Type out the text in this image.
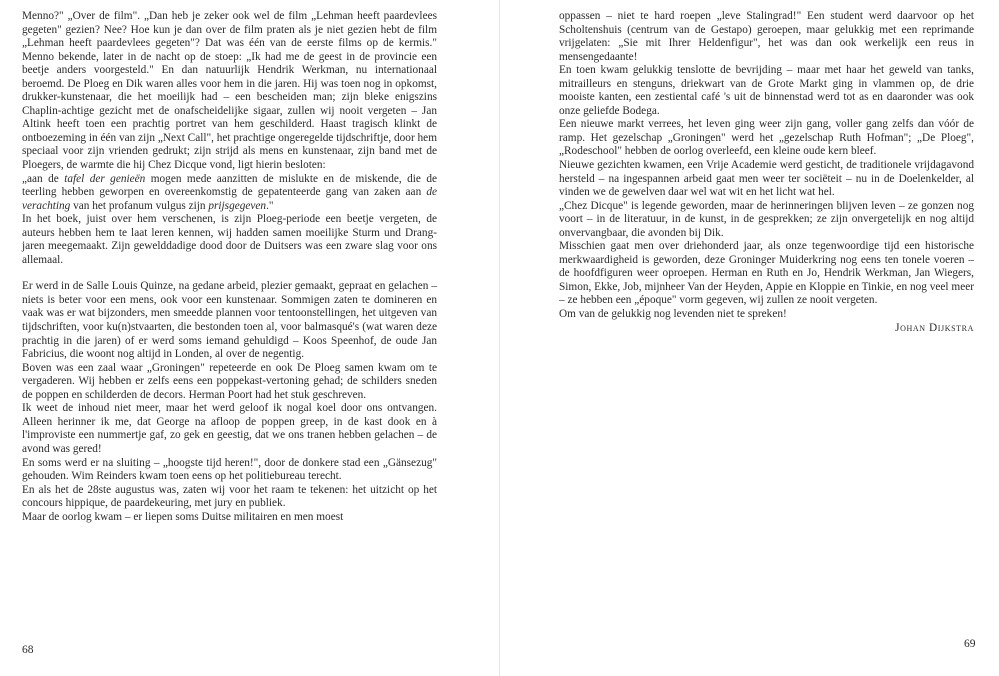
Menno?" „Over de film". „Dan heb je zeker ook wel de film „Lehman heeft paardevlees gegeten" gezien? Nee? Hoe kun je dan over de film praten als je niet gezien hebt de film „Lehman heeft paardevlees gegeten"? Dat was één van de eerste films op de kermis." Menno bekende, later in de nacht op de stoep: „Ik had me de geest in de provincie een beetje anders voorgesteld." En dan natuurlijk Hendrik Werkman, nu internationaal beroemd. De Ploeg en Dik waren alles voor hem in die jaren. Hij was toen nog in opkomst, drukker-kunstenaar, die het moeilijk had – een bescheiden man; zijn bleke enigszins Chaplin-achtige gezicht met de onafscheidelijke sigaar, zullen wij nooit vergeten – Jan Altink heeft toen een prachtig portret van hem geschilderd. Haast tragisch klinkt de ontboezeming in één van zijn „Next Call", het prachtige ongeregelde tijdschriftje, door hem speciaal voor zijn vrienden gedrukt; zijn strijd als mens en kunstenaar, zijn band met de Ploegers, de warmte die hij Chez Dicque vond, ligt hierin besloten:

„aan de tafel der genieën mogen mede aanzitten de mislukte en de miskende, die de teerling hebben geworpen en overeenkomstig de gepatenteerde gang van zaken aan de verachting van het profanum vulgus zijn prijsgegeven."

In het boek, juist over hem verschenen, is zijn Ploeg-periode een beetje vergeten, de auteurs hebben hem te laat leren kennen, wij hadden samen moeilijke Sturm und Drang-jaren meegemaakt. Zijn gewelddadige dood door de Duitsers was een zware slag voor ons allemaal.

Er werd in de Salle Louis Quinze, na gedane arbeid, plezier gemaakt, gepraat en gelachen – niets is beter voor een mens, ook voor een kunstenaar. Sommigen zaten te domineren en vaak was er wat bijzonders, men smeedde plannen voor tentoonstellingen, het uitgeven van tijdschriften, voor ku(n)stvaarten, die bestonden toen al, voor balmasqué's (wat waren deze prachtig in die jaren) of er werd soms iemand gehuldigd – Koos Speenhof, de oude Jan Fabricius, die woont nog altijd in Londen, al over de negentig.

Boven was een zaal waar „Groningen" repeteerde en ook De Ploeg samen kwam om te vergaderen. Wij hebben er zelfs eens een poppekast-vertoning gehad; de schilders sneden de poppen en schilderden de decors. Herman Poort had het stuk geschreven.

Ik weet de inhoud niet meer, maar het werd geloof ik nogal koel door ons ontvangen. Alleen herinner ik me, dat George na afloop de poppen greep, in de kast dook en à l'improviste een nummertje gaf, zo gek en geestig, dat we ons tranen hebben gelachen – de avond was gered!

En soms werd er na sluiting – „hoogste tijd heren!", door de donkere stad een „Gänsezug" gehouden. Wim Reinders kwam toen eens op het politiebureau terecht.

En als het de 28ste augustus was, zaten wij voor het raam te tekenen: het uitzicht op het concours hippique, de paardekeuring, met jury en publiek.

Maar de oorlog kwam – er liepen soms Duitse militairen en men moest

68

oppassen – niet te hard roepen „leve Stalingrad!" Een student werd daarvoor op het Scholtenshuis (centrum van de Gestapo) geroepen, maar gelukkig met een reprimande vrijgelaten: „Sie mit Ihrer Heldenfigur", het was dan ook werkelijk een reus in mensengedaante!

En toen kwam gelukkig tenslotte de bevrijding – maar met haar het geweld van tanks, mitrailleurs en stenguns, driekwart van de Grote Markt ging in vlammen op, de drie mooiste kanten, een zestiental café 's uit de binnenstad werd tot as en daaronder was ook onze geliefde Bodega.

Een nieuwe markt verrees, het leven ging weer zijn gang, voller gang zelfs dan vóór de ramp. Het gezelschap „Groningen" werd het „gezelschap Ruth Hofman"; „De Ploeg", „Rodeschool" hebben de oorlog overleefd, een kleine oude kern bleef.

Nieuwe gezichten kwamen, een Vrije Academie werd gesticht, de traditionele vrijdagavond hersteld – na ingespannen arbeid gaat men weer ter sociëteit – nu in de Doelenkelder, al vinden we de gewelven daar wel wat wit en het licht wat hel.

„Chez Dicque" is legende geworden, maar de herinneringen blijven leven – ze gonzen nog voort – in de literatuur, in de kunst, in de gesprekken; ze zijn onvergetelijk en nog altijd onvervangbaar, die avonden bij Dik.

Misschien gaat men over driehonderd jaar, als onze tegenwoordige tijd een historische merkwaardigheid is geworden, deze Groninger Muiderkring nog eens ten tonele voeren – de hoofdfiguren weer oproepen. Herman en Ruth en Jo, Hendrik Werkman, Jan Wiegers, Simon, Ekke, Job, mijnheer Van der Heyden, Appie en Kloppie en Tinkie, en nog veel meer – ze hebben een „époque" vorm gegeven, wij zullen ze nooit vergeten.

Om van de gelukkig nog levenden niet te spreken!

Johan Dijkstra

69
